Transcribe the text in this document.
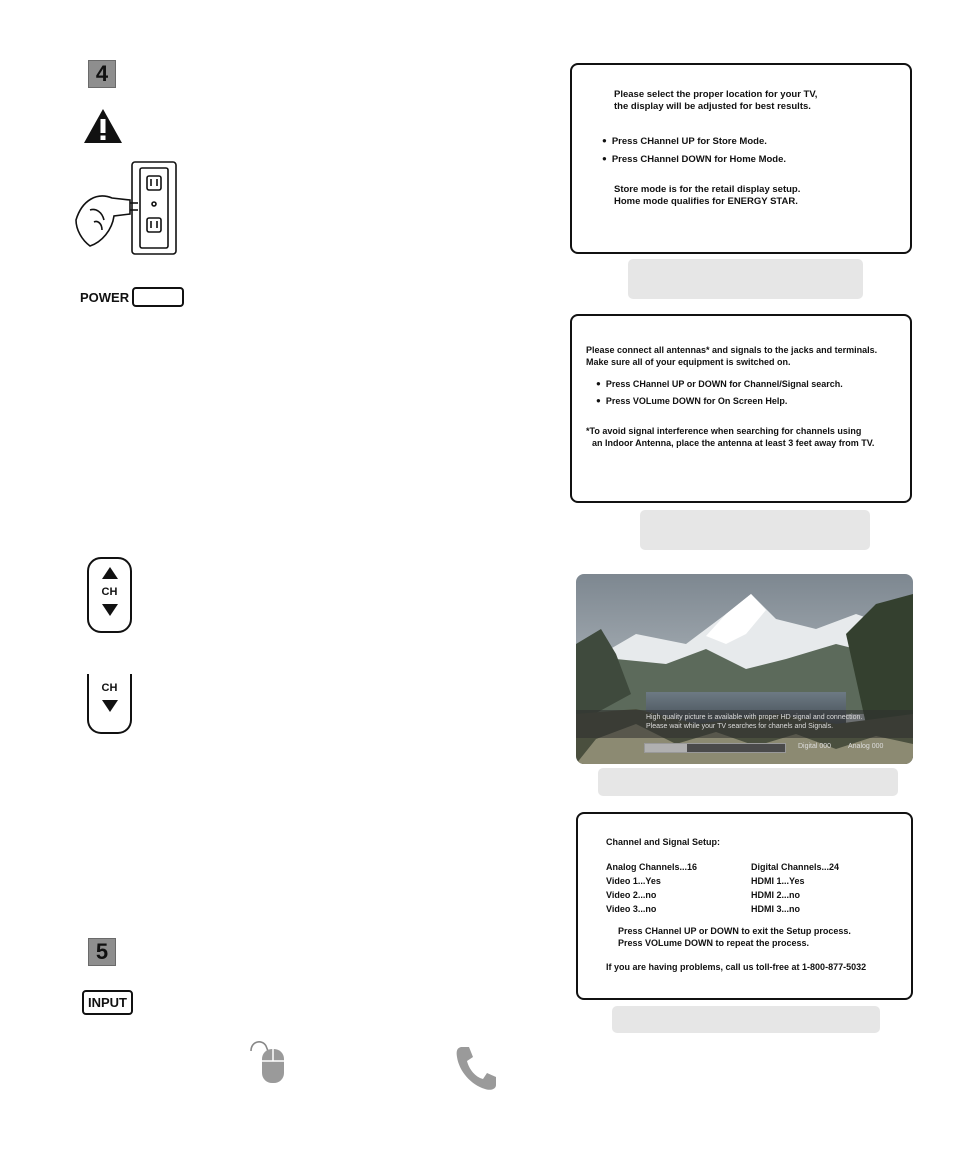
4
POWER
CH
CH
5
INPUT
Please select the proper location for your TV,
the display will be adjusted for best results.
● Press CHannel UP for Store Mode.
● Press CHannel DOWN for Home Mode.
Store mode is for the retail display setup.
Home mode qualifies for ENERGY STAR.
Please connect all antennas* and signals to the jacks and terminals.
Make sure all of your equipment is switched on.
● Press CHannel UP or DOWN for Channel/Signal search.
● Press VOLume DOWN for On Screen Help.
*To avoid signal interference when searching for channels using
an Indoor Antenna, place the antenna at least 3 feet away from TV.
High quality picture is available with proper HD signal and connection.
Please wait while your TV searches for chanels and Signals.
Digital 000 Analog 000
Channel and Signal Setup:
Analog Channels...16	Digital Channels...24
Video 1...Yes	HDMI 1...Yes
Video 2...no	HDMI 2...no
Video 3...no	HDMI 3...no
Press CHannel UP or DOWN to exit the Setup process.
Press VOLume DOWN to repeat the process.
If you are having problems, call us toll-free at 1-800-877-5032
